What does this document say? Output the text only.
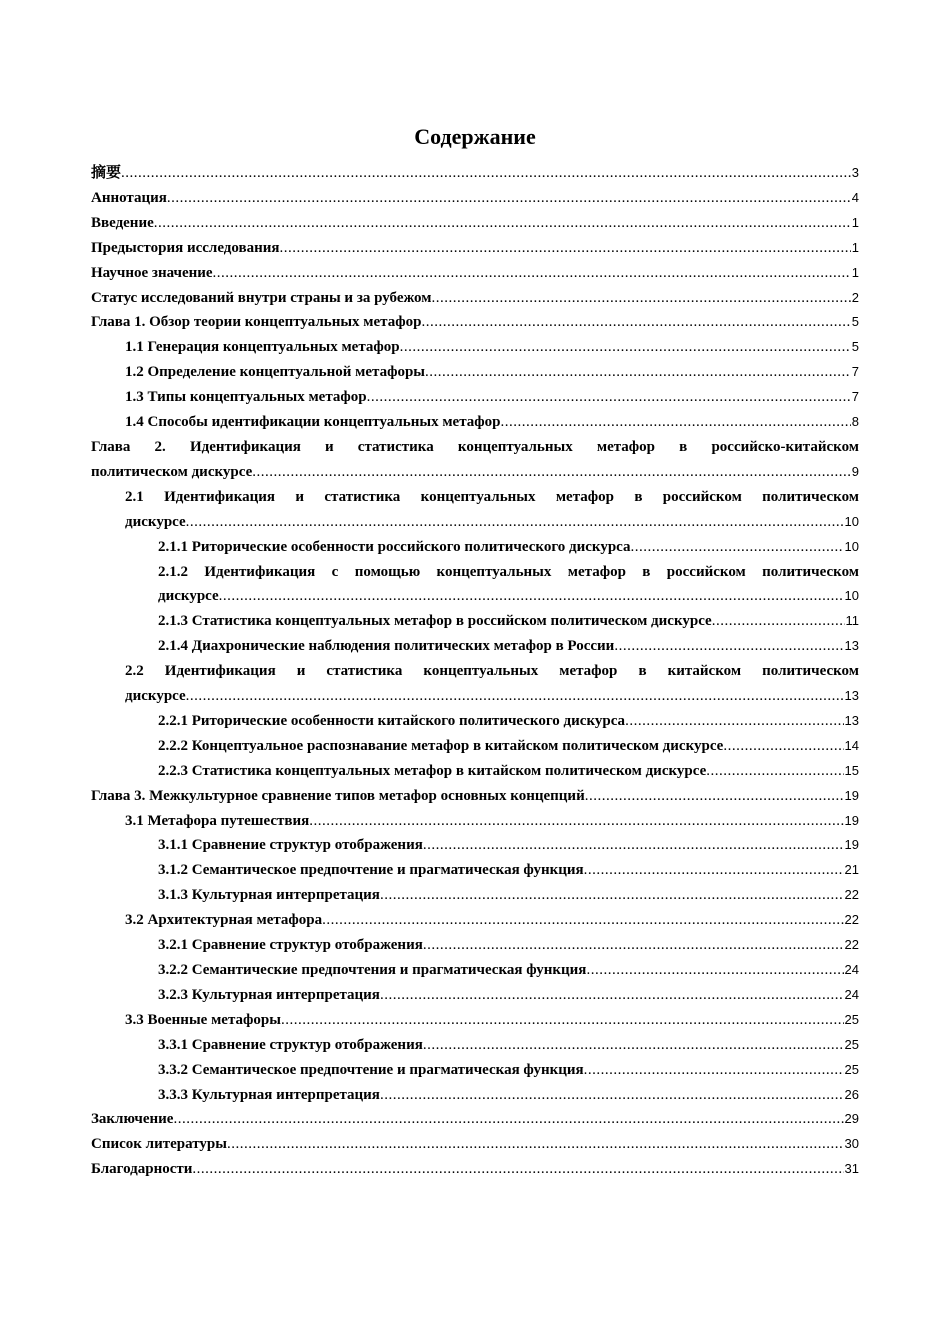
Содержание
摘要 .....	3
Аннотация .....	4
Введение .....	1
Предыстория исследования .....	1
Научное значение .....	1
Статус исследований внутри страны и за рубежом .....	2
Глава 1. Обзор теории концептуальных метафор .....	5
1.1 Генерация концептуальных метафор .....	5
1.2 Определение концептуальной метафоры .....	7
1.3 Типы концептуальных метафор .....	7
1.4 Способы идентификации концептуальных метафор .....	8
Глава 2. Идентификация и статистика концептуальных метафор в российско-китайском
политическом дискурсе .....	9
2.1 Идентификация и статистика концептуальных метафор в российском политическом
дискурсе .....	10
2.1.1 Риторические особенности российского политического дискурса .....	10
2.1.2 Идентификация с помощью концептуальных метафор в российском политическом
дискурсе .....	10
2.1.3 Статистика концептуальных метафор в российском политическом дискурсе .....	11
2.1.4 Диахронические наблюдения политических метафор в России .....	13
2.2 Идентификация и статистика концептуальных метафор в китайском политическом
дискурсе .....	13
2.2.1 Риторические особенности китайского политического дискурса .....	13
2.2.2 Концептуальное распознавание метафор в китайском политическом дискурсе .....	14
2.2.3 Статистика концептуальных метафор в китайском политическом дискурсе .....	15
Глава 3. Межкультурное сравнение типов метафор основных концепций .....	19
3.1 Метафора путешествия .....	19
3.1.1 Сравнение структур отображения .....	19
3.1.2 Семантическое предпочтение и прагматическая функция .....	21
3.1.3 Культурная интерпретация .....	22
3.2 Архитектурная метафора .....	22
3.2.1 Сравнение структур отображения .....	22
3.2.2 Семантические предпочтения и прагматическая функция .....	24
3.2.3 Культурная интерпретация .....	24
3.3 Военные метафоры .....	25
3.3.1 Сравнение структур отображения .....	25
3.3.2 Семантическое предпочтение и прагматическая функция .....	25
3.3.3 Культурная интерпретация .....	26
Заключение .....	29
Список литературы .....	30
Благодарности .....	31
